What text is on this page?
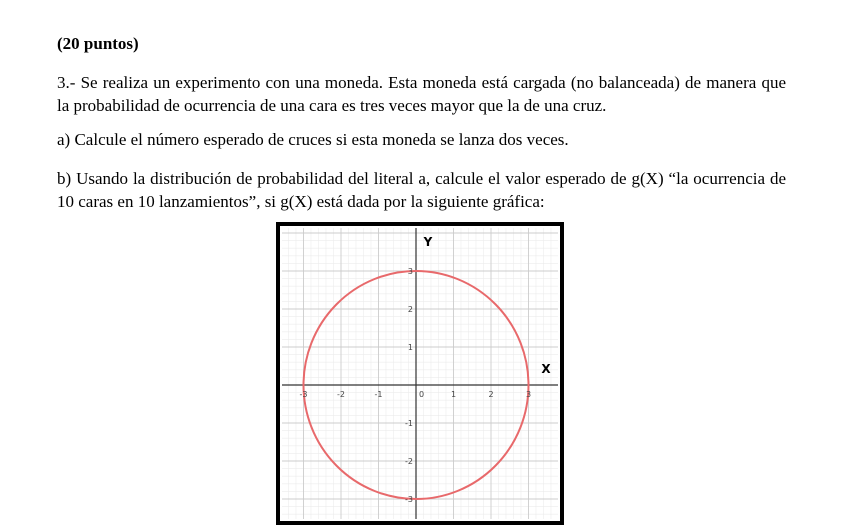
(20 puntos)

3.- Se realiza un experimento con una moneda. Esta moneda está cargada (no balanceada) de manera que la probabilidad de ocurrencia de una cara es tres veces mayor que la de una cruz.

a) Calcule el número esperado de cruces si esta moneda se lanza dos veces.

b) Usando la distribución de probabilidad del literal a, calcule el valor esperado de g(X) “la ocurrencia de 10 caras en 10 lanzamientos”, si g(X) está dada por la siguiente gráfica:

-3	-2	-1	0	1	2	3
-3
-2
-1
1
2
3
X
Y
